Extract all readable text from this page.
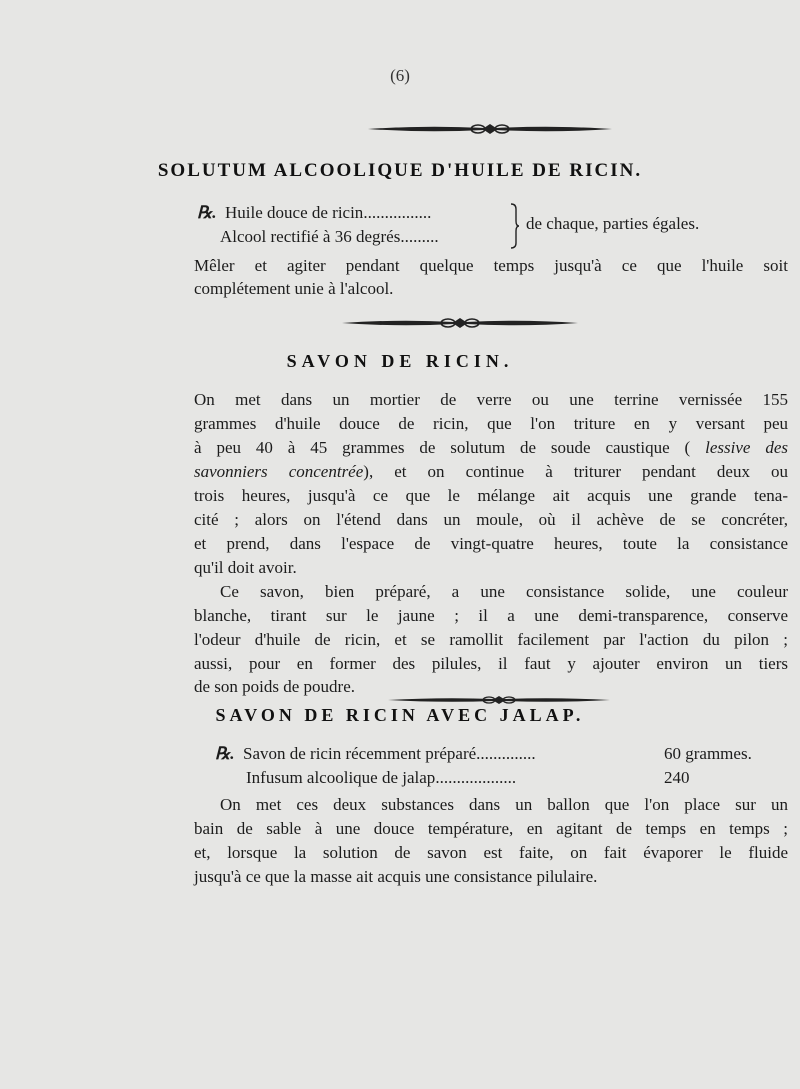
(6)
SOLUTUM ALCOOLIQUE D'HUILE DE RICIN.
℞. Huile douce de ricin................
Alcool rectifié à 36 degrés.........
de chaque, parties égales.
Mêler et agiter pendant quelque temps jusqu'à ce que l'huile soit
complétement unie à l'alcool.
SAVON DE RICIN.
On met dans un mortier de verre ou une terrine vernissée 155
grammes d'huile douce de ricin, que l'on triture en y versant peu
à peu 40 à 45 grammes de solutum de soude caustique ( lessive des
savonniers concentrée), et on continue à triturer pendant deux ou
trois heures, jusqu'à ce que le mélange ait acquis une grande tena-
cité ; alors on l'étend dans un moule, où il achève de se concréter,
et prend, dans l'espace de vingt-quatre heures, toute la consistance
qu'il doit avoir.
Ce savon, bien préparé, a une consistance solide, une couleur
blanche, tirant sur le jaune ; il a une demi-transparence, conserve
l'odeur d'huile de ricin, et se ramollit facilement par l'action du pilon ;
aussi, pour en former des pilules, il faut y ajouter environ un tiers
de son poids de poudre.
SAVON DE RICIN AVEC JALAP.
℞. Savon de ricin récemment préparé..............	60 grammes.
Infusum alcoolique de jalap...................	240
On met ces deux substances dans un ballon que l'on place sur un
bain de sable à une douce température, en agitant de temps en temps ;
et, lorsque la solution de savon est faite, on fait évaporer le fluide
jusqu'à ce que la masse ait acquis une consistance pilulaire.
